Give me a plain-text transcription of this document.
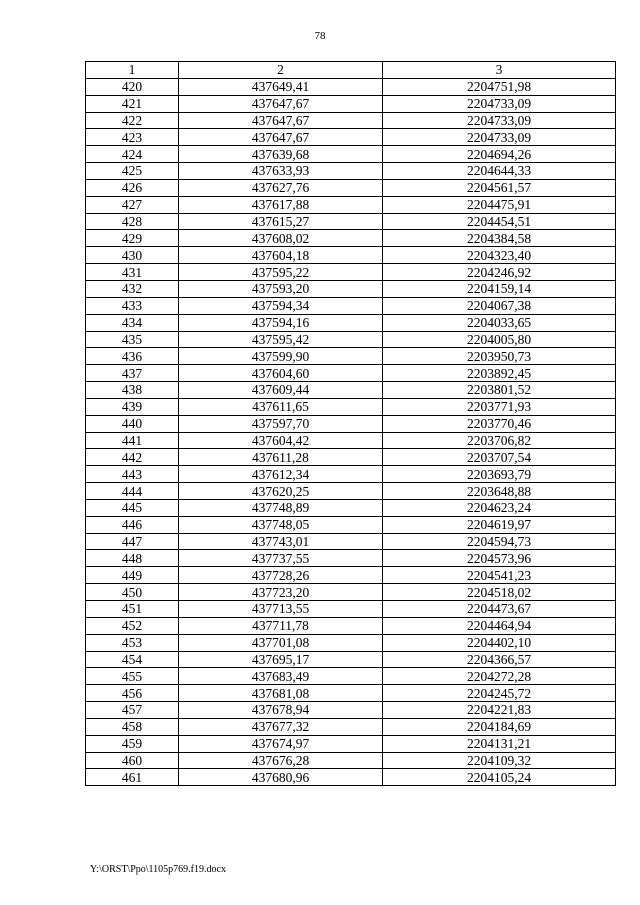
78
1	2	3
420	437649,41	2204751,98
421	437647,67	2204733,09
422	437647,67	2204733,09
423	437647,67	2204733,09
424	437639,68	2204694,26
425	437633,93	2204644,33
426	437627,76	2204561,57
427	437617,88	2204475,91
428	437615,27	2204454,51
429	437608,02	2204384,58
430	437604,18	2204323,40
431	437595,22	2204246,92
432	437593,20	2204159,14
433	437594,34	2204067,38
434	437594,16	2204033,65
435	437595,42	2204005,80
436	437599,90	2203950,73
437	437604,60	2203892,45
438	437609,44	2203801,52
439	437611,65	2203771,93
440	437597,70	2203770,46
441	437604,42	2203706,82
442	437611,28	2203707,54
443	437612,34	2203693,79
444	437620,25	2203648,88
445	437748,89	2204623,24
446	437748,05	2204619,97
447	437743,01	2204594,73
448	437737,55	2204573,96
449	437728,26	2204541,23
450	437723,20	2204518,02
451	437713,55	2204473,67
452	437711,78	2204464,94
453	437701,08	2204402,10
454	437695,17	2204366,57
455	437683,49	2204272,28
456	437681,08	2204245,72
457	437678,94	2204221,83
458	437677,32	2204184,69
459	437674,97	2204131,21
460	437676,28	2204109,32
461	437680,96	2204105,24
Y:\ORST\Ppo\1105p769.f19.docx
